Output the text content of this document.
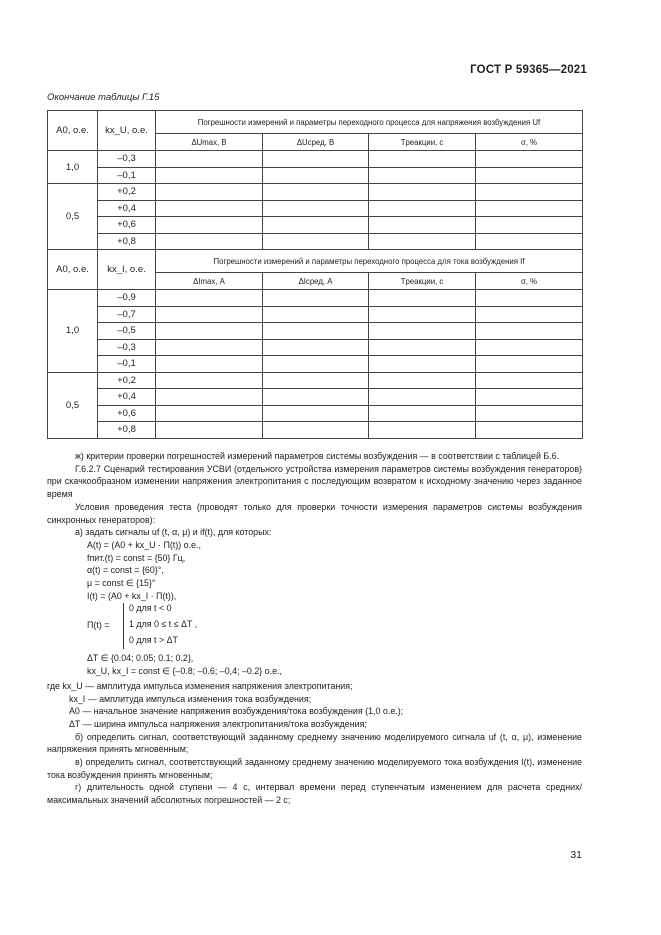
ГОСТ Р 59365—2021
Окончание таблицы Г.15
A0, о.е.	kx_U, о.е.	Погрешности измерений и параметры переходного процесса для напряжения возбуждения Uf			
		ΔUmax, В	ΔUсред, В	Tреакции, с	σ, %
1,0	–0,3				
	–0,1				
0,5	+0,2				
	+0,4				
	+0,6				
	+0,8				
A0, о.е.	kx_I, о.е.	Погрешности измерений и параметры переходного процесса для тока возбуждения If			
		ΔImax, А	ΔIсред, А	Tреакции, с	σ, %
1,0	–0,9				
	–0,7				
	–0,5				
	–0,3				
	–0,1				
0,5	+0,2				
	+0,4				
	+0,6				
	+0,8				

ж) критерии проверки погрешностей измерений параметров системы возбуждения — в соответствии с таблицей Б.6.

Г.6.2.7 Сценарий тестирования УСВИ (отдельного устройства измерения параметров системы возбуждения генераторов) при скачкообразном изменении напряжения электропитания с последующим возвратом к исходному значению через заданное время

Условия проведения теста (проводят только для проверки точности измерения параметров системы возбуждения синхронных генераторов):

а) задать сигналы uf (t, α, μ) и if(t), для которых:

A(t) = (A0 + kx_U · Π(t)) о.е.,

fпит.(t) = const = {50} Гц,

α(t) = const = {60}°,

μ = const ∈ {15}°

I(t) = (A0 + kx_I · Π(t)),

Π(t) =
0 для t < 0
1 для 0 ≤ t ≤ ΔT ,
0 для t > ΔT

ΔT ∈ {0.04; 0.05; 0.1; 0.2},

kx_U, kx_I = const ∈ {–0.8; –0.6; –0,4; –0.2} о.е.,

где kx_U — амплитуда импульса изменения напряжения электропитания;

kx_I — амплитуда импульса изменения тока возбуждения;

A0 — начальное значение напряжения возбуждения/тока возбуждения (1,0 о.е.);

ΔT — ширина импульса напряжения электропитания/тока возбуждения;

б) определить сигнал, соответствующий заданному среднему значению моделируемого сигнала uf (t, α, μ), изменение напряжения принять мгновенным;

в) определить сигнал, соответствующий заданному среднему значению моделируемого тока возбуждения I(t), изменение тока возбуждения принять мгновенным;

г) длительность одной ступени — 4 с, интервал времени перед ступенчатым изменением для расчета средних/максимальных значений абсолютных погрешностей — 2 с;

31
